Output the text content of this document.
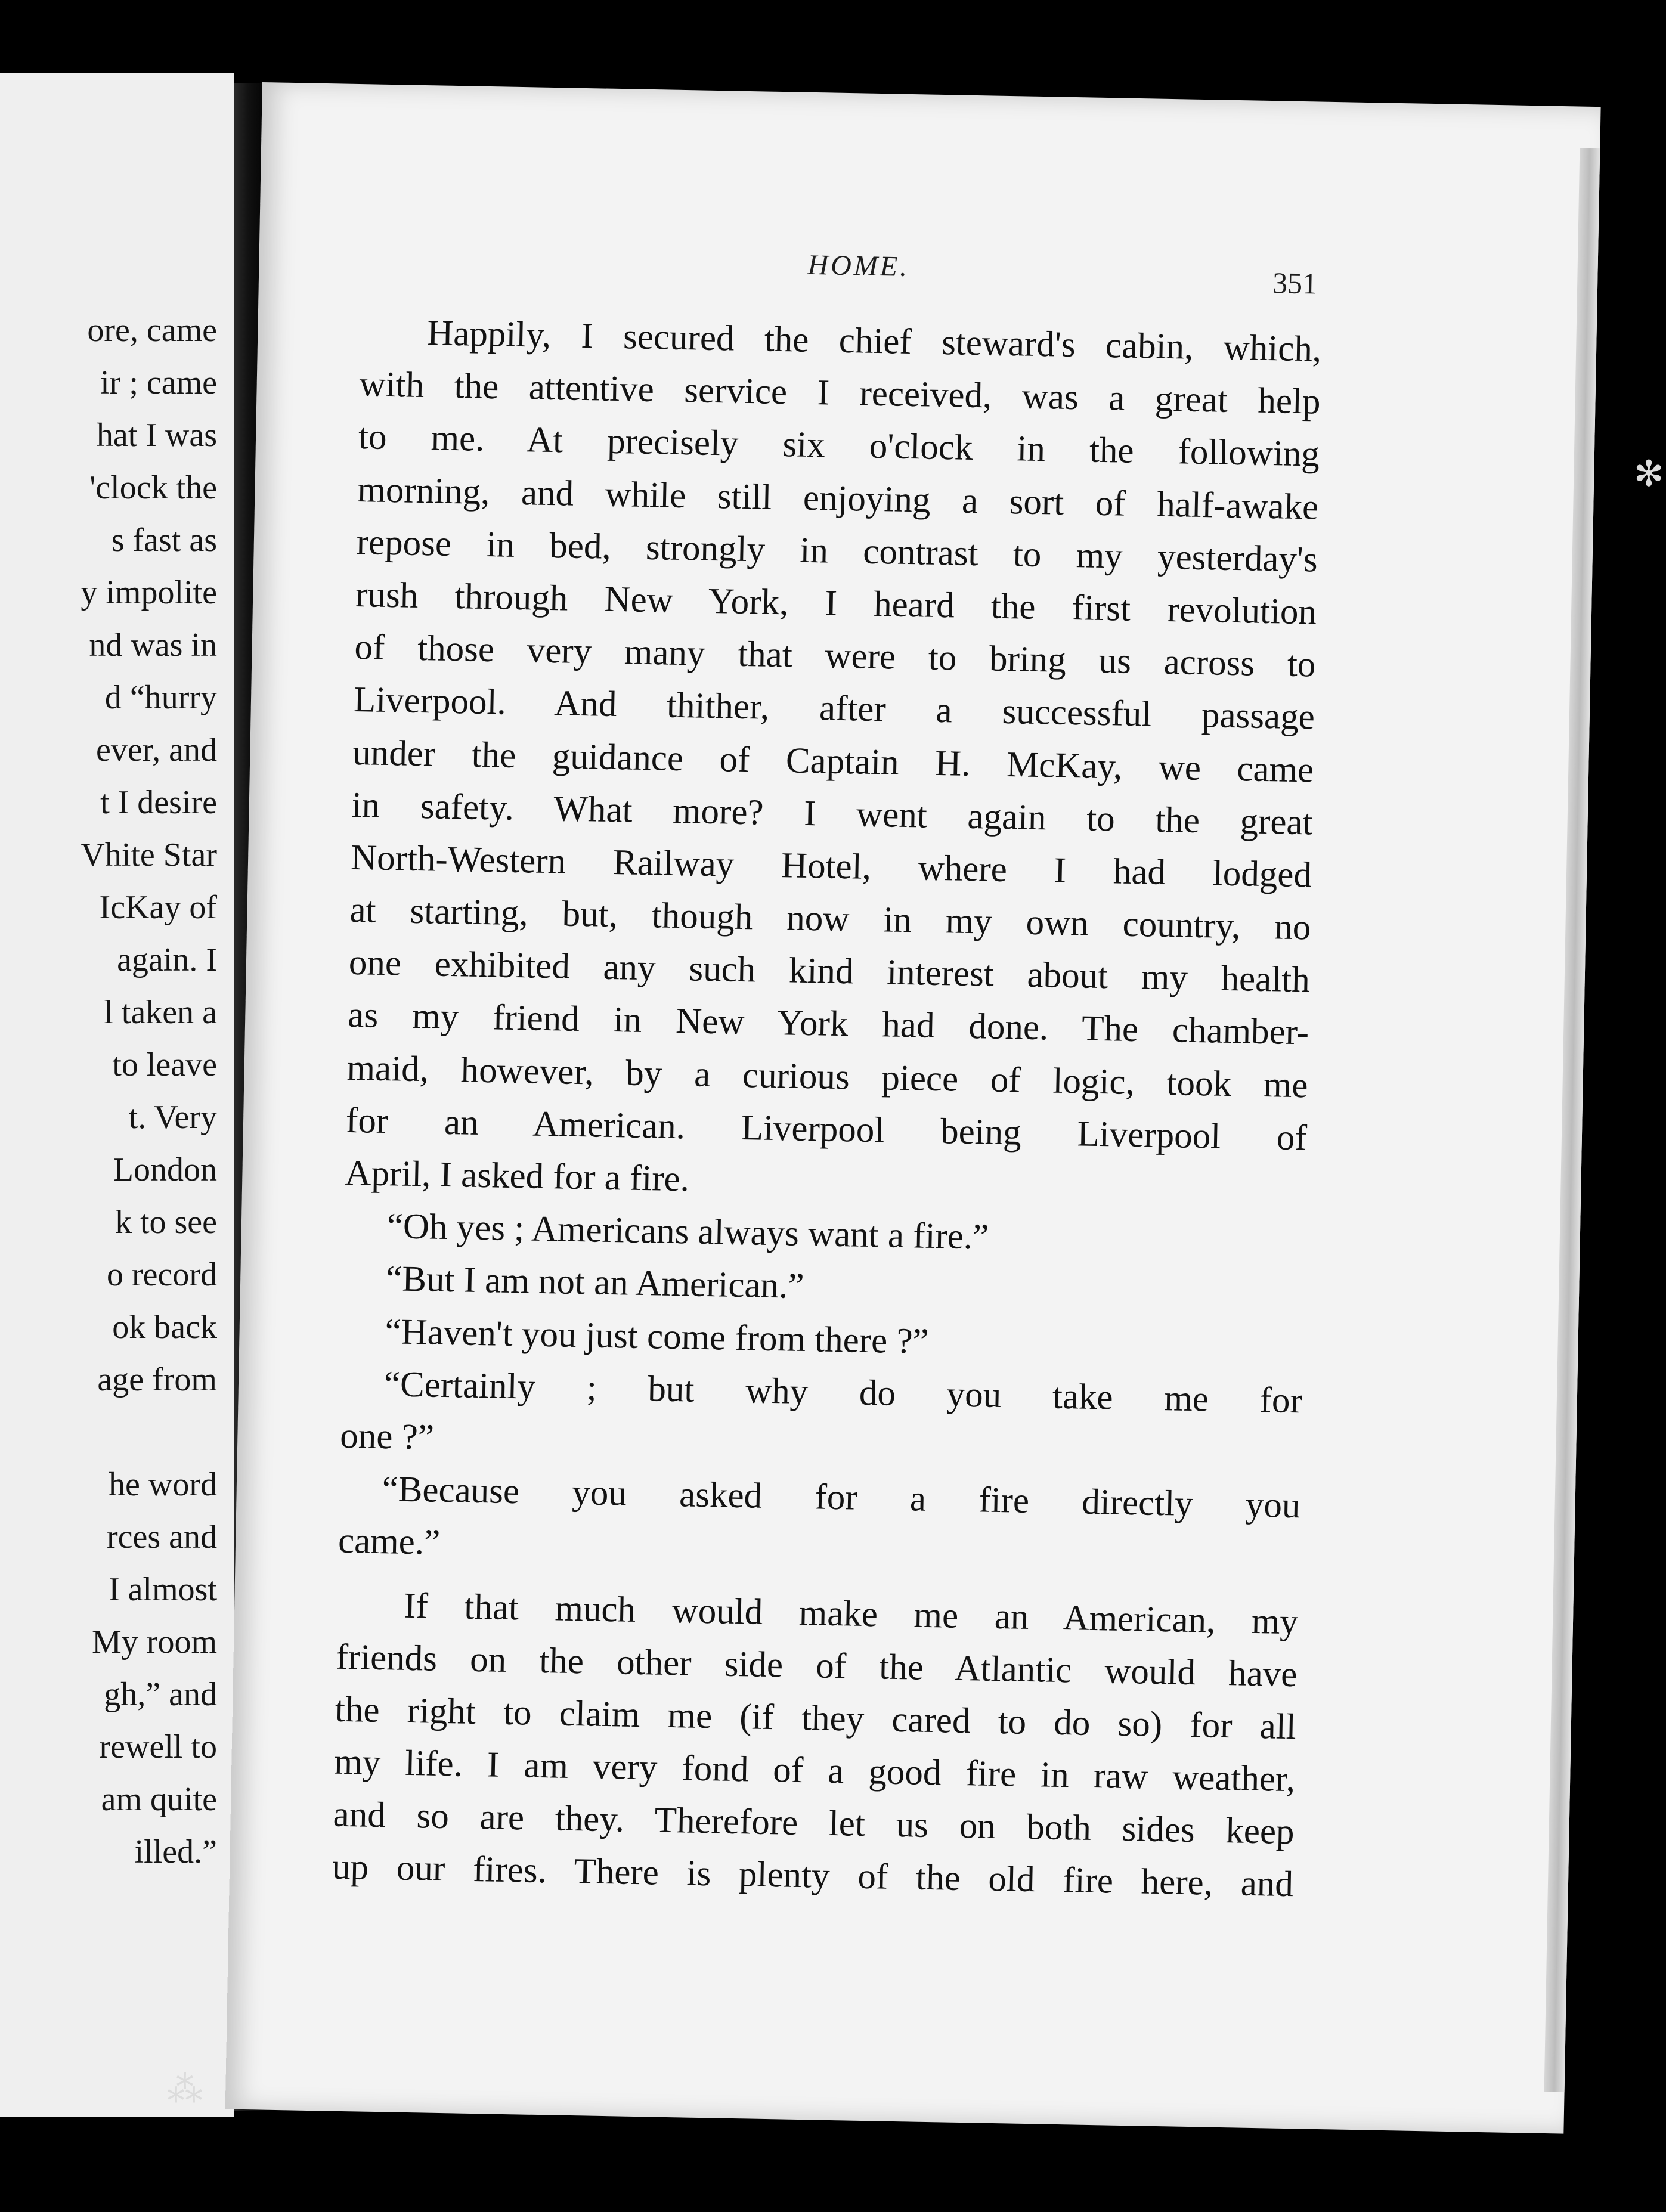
ore, came
ir ; came
hat I was
'clock the
s fast as
y impolite
nd was in
d “hurry
ever, and
t I desire
Vhite Star
IcKay of
again. I
l taken a
to leave
t. Very
London
k to see
o record
ok back
age from
he word
rces and
I almost
My room
gh,” and
rewell to
am quite
illed.”
HOME.
351
Happily, I secured the chief steward's cabin, which,
with the attentive service I received, was a great help
to me. At precisely six o'clock in the following
morning, and while still enjoying a sort of half-awake
repose in bed, strongly in contrast to my yesterday's
rush through New York, I heard the first revolution
of those very many that were to bring us across to
Liverpool. And thither, after a successful passage
under the guidance of Captain H. McKay, we came
in safety. What more? I went again to the great
North-Western Railway Hotel, where I had lodged
at starting, but, though now in my own country, no
one exhibited any such kind interest about my health
as my friend in New York had done. The chamber-
maid, however, by a curious piece of logic, took me
for an American. Liverpool being Liverpool of
April, I asked for a fire.
“Oh yes ; Americans always want a fire.”
“But I am not an American.”
“Haven't you just come from there ?”
“Certainly ; but why do you take me for
one ?”
“Because you asked for a fire directly you
came.”
If that much would make me an American, my
friends on the other side of the Atlantic would have
the right to claim me (if they cared to do so) for all
my life. I am very fond of a good fire in raw weather,
and so are they. Therefore let us on both sides keep
up our fires. There is plenty of the old fire here, and
✻
⁂
